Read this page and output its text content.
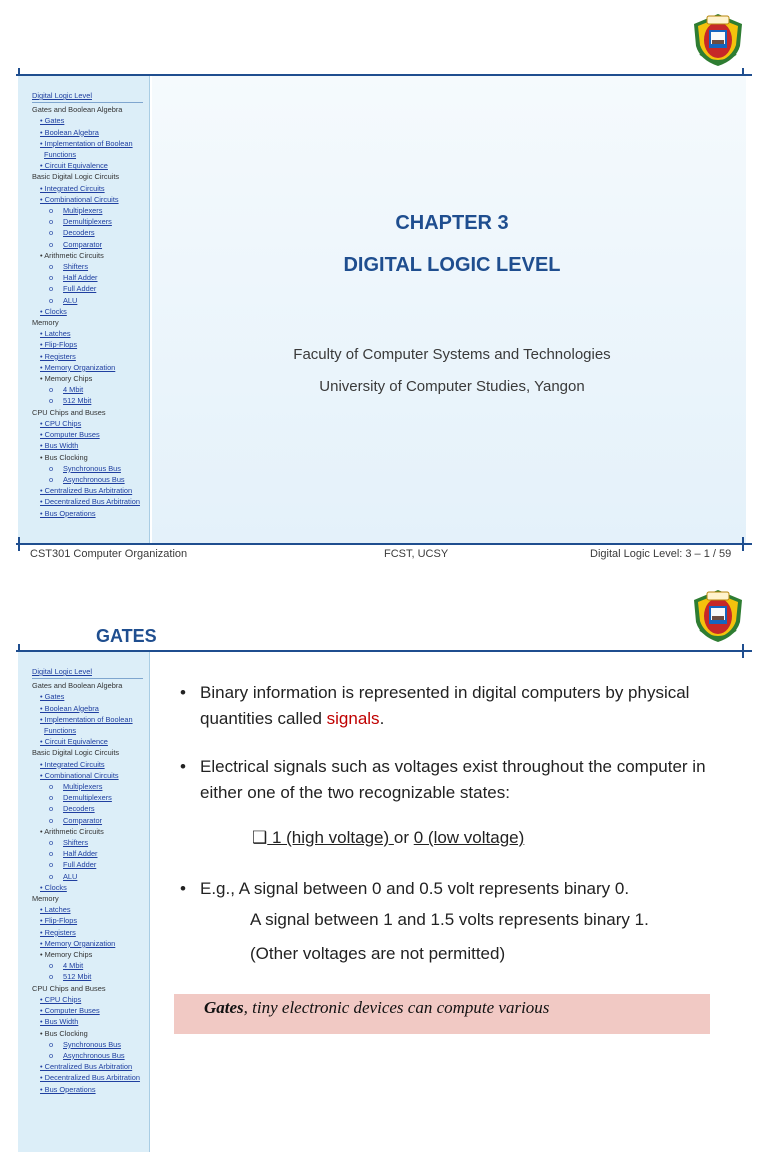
Digital Logic Level
Gates and Boolean Algebra
• Gates
• Boolean Algebra
• Implementation of Boolean
Functions
• Circuit Equivalence
Basic Digital Logic Circuits
• Integrated Circuits
• Combinational Circuits
o Multiplexers
o Demultiplexers
o Decoders
o Comparator
• Arithmetic Circuits
o Shifters
o Half Adder
o Full Adder
o ALU
• Clocks
Memory
• Latches
• Flip-Flops
• Registers
• Memory Organization
• Memory Chips
o 4 Mbit
o 512 Mbit
CPU Chips and Buses
• CPU Chips
• Computer Buses
• Bus Width
• Bus Clocking
o Synchronous Bus
o Asynchronous Bus
• Centralized Bus Arbitration
• Decentralized Bus Arbitration
• Bus Operations
CHAPTER 3
DIGITAL LOGIC LEVEL
Faculty of Computer Systems and Technologies
University of Computer Studies, Yangon
CST301 Computer Organization	FCST, UCSY	Digital Logic Level: 3 – 1 / 59
GATES
Digital Logic Level
Gates and Boolean Algebra
• Gates
• Boolean Algebra
• Implementation of Boolean
Functions
• Circuit Equivalence
Basic Digital Logic Circuits
• Integrated Circuits
• Combinational Circuits
o Multiplexers
o Demultiplexers
o Decoders
o Comparator
• Arithmetic Circuits
o Shifters
o Half Adder
o Full Adder
o ALU
• Clocks
Memory
• Latches
• Flip-Flops
• Registers
• Memory Organization
• Memory Chips
o 4 Mbit
o 512 Mbit
CPU Chips and Buses
• CPU Chips
• Computer Buses
• Bus Width
• Bus Clocking
o Synchronous Bus
o Asynchronous Bus
• Centralized Bus Arbitration
• Decentralized Bus Arbitration
• Bus Operations
• Binary information is represented in digital computers by physical quantities called signals.
• Electrical signals such as voltages exist throughout the computer in either one of the two recognizable states:
❑ 1 (high voltage) or 0 (low voltage)
• E.g., A signal between 0 and 0.5 volt represents binary 0.
A signal between 1 and 1.5 volts represents binary 1.
(Other voltages are not permitted)
Gates, tiny electronic devices can compute various
